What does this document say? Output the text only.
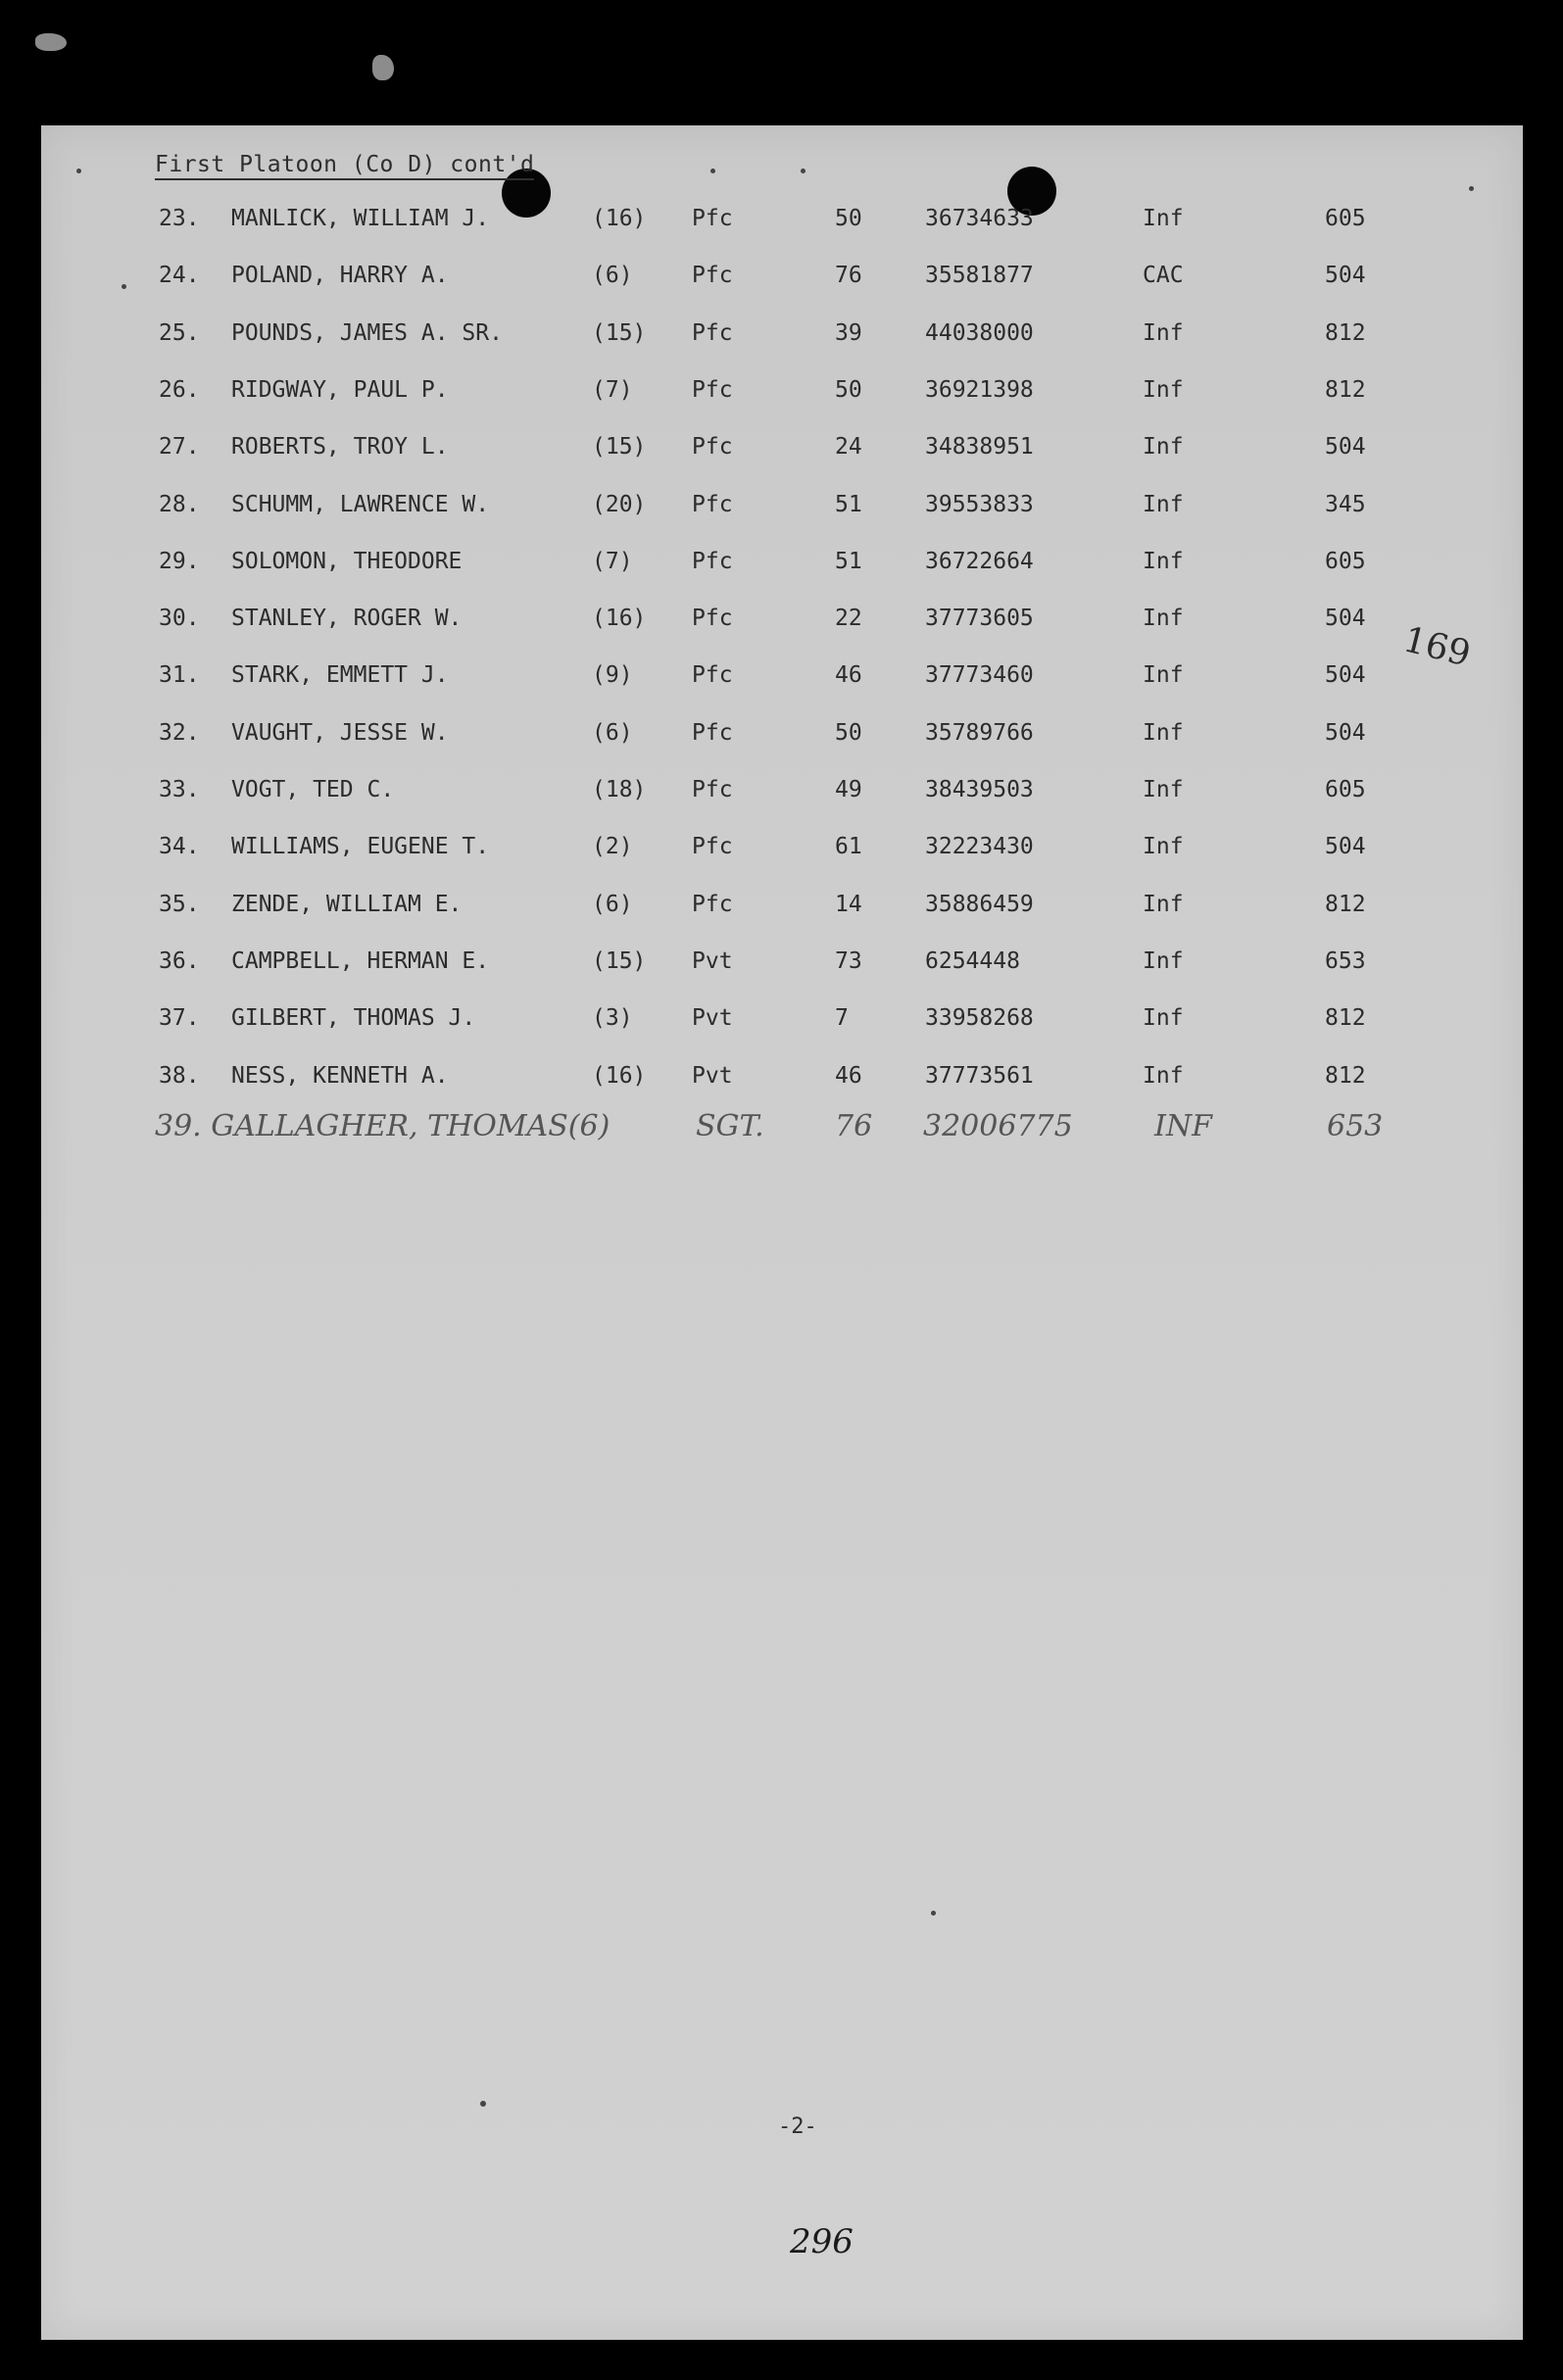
First Platoon (Co D) cont'd
23. MANLICK, WILLIAM J.	(16) Pfc	50	36734633	Inf	605
24. POLAND, HARRY A.	(6)	Pfc	76	35581877	CAC	504
25. POUNDS, JAMES A. SR.	(15) Pfc	39	44038000	Inf	812
26. RIDGWAY, PAUL P.	(7)	Pfc	50	36921398	Inf	812
27. ROBERTS, TROY L.	(15) Pfc	24	34838951	Inf	504
28. SCHUMM, LAWRENCE W.	(20) Pfc	51	39553833	Inf	345
29. SOLOMON, THEODORE	(7)	Pfc	51	36722664	Inf	605
30. STANLEY, ROGER W.	(16) Pfc	22	37773605	Inf	504
31. STARK, EMMETT J.	(9)	Pfc	46	37773460	Inf	504
32. VAUGHT, JESSE W.	(6)	Pfc	50	35789766	Inf	504
33. VOGT, TED C.	(18) Pfc	49	38439503	Inf	605
34. WILLIAMS, EUGENE T.	(2)	Pfc	61	32223430	Inf	504
35. ZENDE, WILLIAM E.	(6)	Pfc	14	35886459	Inf	812
36. CAMPBELL, HERMAN E.	(15) Pvt	73	6254448	Inf	653
37. GILBERT, THOMAS J.	(3)	Pvt	7	33958268	Inf	812
38. NESS, KENNETH A.	(16) Pvt	46	37773561	Inf	812
39. GALLAGHER, THOMAS(6)	SGT. 76 32006775	INF	653
169
-2-
296
